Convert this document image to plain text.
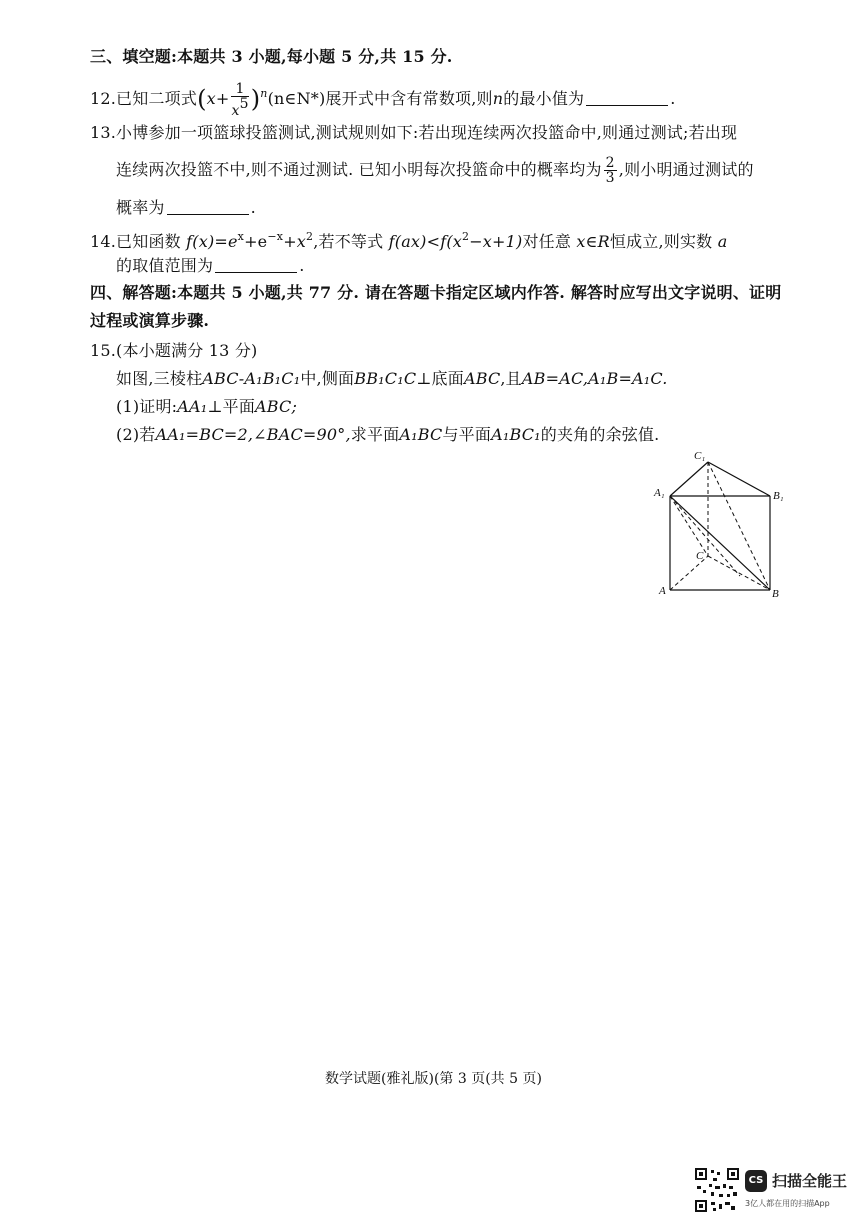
三、填空题:本题共 3 小题,每小题 5 分,共 15 分.
12.已知二项式($x+ \frac{1}{x5}$ )$^n(n\in N*)$展开式中含有常数项,则n的最小值为	.
13.小博参加一项篮球投篮测试,测试规则如下:若出现连续两次投篮命中,则通过测试;若出现
连续两次投篮不中,则不通过测试. 已知小明每次投篮命中的概率均为 $\frac{2}{3}$ ,则小明通过测试的
概率为	.
14.已知函数 $f(x)=e^x+e^{-x}+x^2$,若不等式 $f(ax)<f(x^2-x+1)$对任意 x∈R恒成立,则实数 a
的取值范围为	.
四、解答题:本题共 5 小题,共 77 分. 请在答题卡指定区域内作答. 解答时应写出文字说明、证明
过程或演算步骤.
15.(本小题满分 13 分)
如图,三棱柱ABC-A₁B₁C₁中,侧面BB₁C₁C⊥底面ABC,且AB=AC,A₁B=A₁C.
(1)证明:AA₁⊥平面ABC;
(2)若AA₁=BC=2,∠BAC=90°,求平面A₁BC与平面A₁BC₁的夹角的余弦值.
C₁
A₁	B₁
C
A	B
数学试题(雅礼版)(第 3 页(共 5 页)
CS 扫描全能王
3亿人都在用的扫描App
